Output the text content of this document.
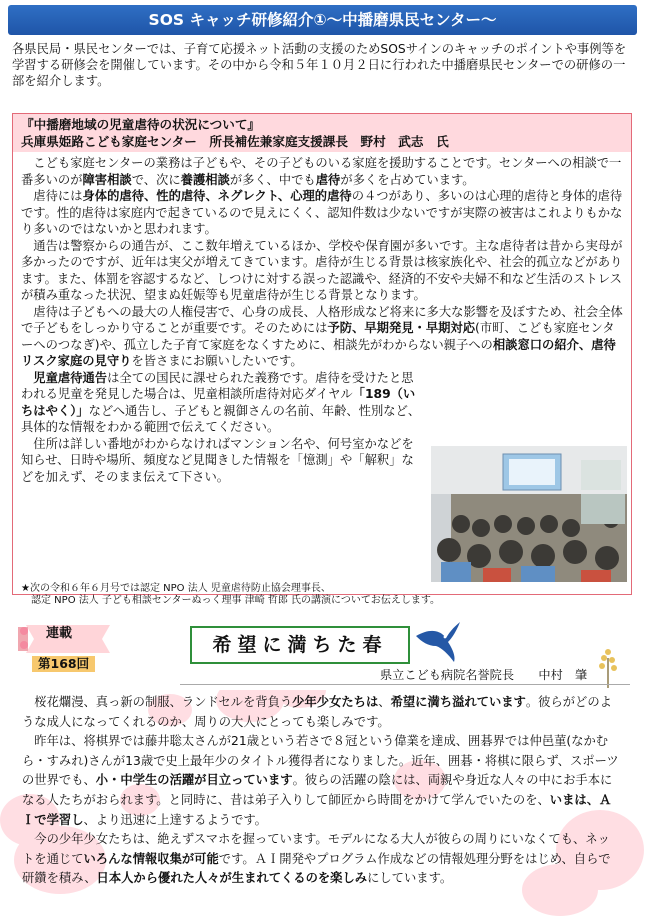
SOS キャッチ研修紹介①～中播磨県民センター～
各県民局・県民センターでは、子育て応援ネット活動の支援のためSOSサインのキャッチのポイントや事例等を学習する研修会を開催しています。その中から令和５年１０月２日に行われた中播磨県民センターでの研修の一部を紹介します。
『中播磨地域の児童虐待の状況について』
兵庫県姫路こども家庭センター　所長補佐兼家庭支援課長　野村　武志　氏

こども家庭センターの業務は子どもや、その子どものいる家庭を援助することです。センターへの相談で一番多いのが障害相談で、次に養護相談が多く、中でも虐待が多くを占めています。

虐待には身体的虐待、性的虐待、ネグレクト、心理的虐待の４つがあり、多いのは心理的虐待と身体的虐待です。性的虐待は家庭内で起きているので見えにくく、認知件数は少ないですが実際の被害はこれよりもかなり多いのではないかと思われます。

通告は警察からの通告が、ここ数年増えているほか、学校や保育園が多いです。主な虐待者は昔から実母が多かったのですが、近年は実父が増えてきています。虐待が生じる背景は核家族化や、社会的孤立などがあります。また、体罰を容認するなど、しつけに対する誤った認識や、経済的不安や夫婦不和など生活のストレスが積み重なった状況、望まぬ妊娠等も児童虐待が生じる背景となります。

虐待は子どもへの最大の人権侵害で、心身の成長、人格形成など将来に多大な影響を及ぼすため、社会全体で子どもをしっかり守ることが重要です。そのためには予防、早期発見・早期対応(市町、こども家庭センターへのつなぎ)や、孤立した子育て家庭をなくすために、相談先がわからない親子への相談窓口の紹介、虐待リスク家庭の見守りを皆さまにお願いしたいです。

児童虐待通告は全ての国民に課せられた義務です。虐待を受けたと思われる児童を発見した場合は、児童相談所虐待対応ダイヤル「189（いちはやく）」などへ通告し、子どもと親御さんの名前、年齢、性別など、具体的な情報をわかる範囲で伝えてください。

住所は詳しい番地がわからなければマンション名や、何号室かなどを知らせ、日時や場所、頻度など見聞きした情報を「憶測」や「解釈」などを加えず、そのまま伝えて下さい。

★次の令和６年６月号では認定 NPO 法人 児童虐待防止協会理事長、
　認定 NPO 法人 子ども相談センターぬっく理事 津崎 哲郎 氏の講演についてお伝えします。
連載
第168回
希望に満ちた春
県立こども病院名誉院長　　中村　肇

桜花爛漫、真っ新の制服、ランドセルを背負う少年少女たちは、希望に満ち溢れています。彼らがどのような成人になってくれるのか、周りの大人にとっても楽しみです。

昨年は、将棋界では藤井聡太さんが21歳という若さで８冠という偉業を達成、囲碁界では仲邑菫(なかむら・すみれ)さんが13歳で史上最年少のタイトル獲得者になりました。近年、囲碁・将棋に限らず、スポーツの世界でも、小・中学生の活躍が目立っています。彼らの活躍の陰には、両親や身近な人々の中にお手本になる人たちがおられます。と同時に、昔は弟子入りして師匠から時間をかけて学んでいたのを、いまは、ＡＩで学習し、より迅速に上達するようです。

今の少年少女たちは、絶えずスマホを握っています。モデルになる大人が彼らの周りにいなくても、ネットを通じていろんな情報収集が可能です。ＡＩ開発やプログラム作成などの情報処理分野をはじめ、自らで研鑽を積み、日本人から優れた人々が生まれてくるのを楽しみにしています。
